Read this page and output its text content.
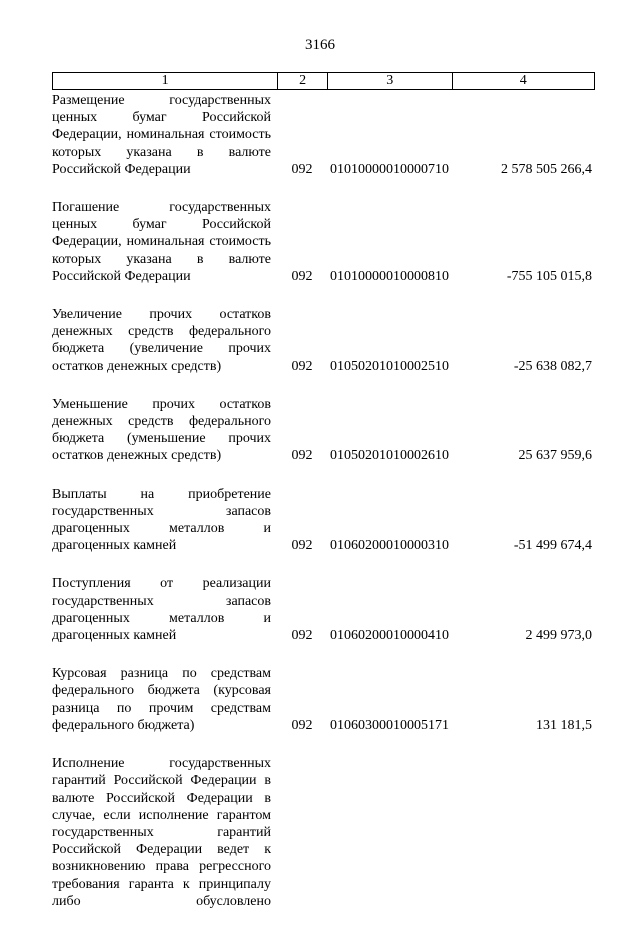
3166
1	2	3	4
Размещение государственных ценных бумаг Российской Федерации, номинальная стоимость которых указана в валюте Российской Федерации	092	01010000010000710	2 578 505 266,4
Погашение государственных ценных бумаг Российской Федерации, номинальная стоимость которых указана в валюте Российской Федерации	092	01010000010000810	-755 105 015,8
Увеличение прочих остатков денежных средств федерального бюджета (увеличение прочих остатков денежных средств)	092	01050201010002510	-25 638 082,7
Уменьшение прочих остатков денежных средств федерального бюджета (уменьшение прочих остатков денежных средств)	092	01050201010002610	25 637 959,6
Выплаты на приобретение государственных запасов драгоценных металлов и драгоценных камней	092	01060200010000310	-51 499 674,4
Поступления от реализации государственных запасов драгоценных металлов и драгоценных камней	092	01060200010000410	2 499 973,0
Курсовая разница по средствам федерального бюджета (курсовая разница по прочим средствам федерального бюджета)	092	01060300010005171	131 181,5
Исполнение государственных гарантий Российской Федерации в валюте Российской Федерации в случае, если исполнение гарантом государственных гарантий Российской Федерации ведет к возникновению права регрессного требования гаранта к принципалу либо обусловлено
